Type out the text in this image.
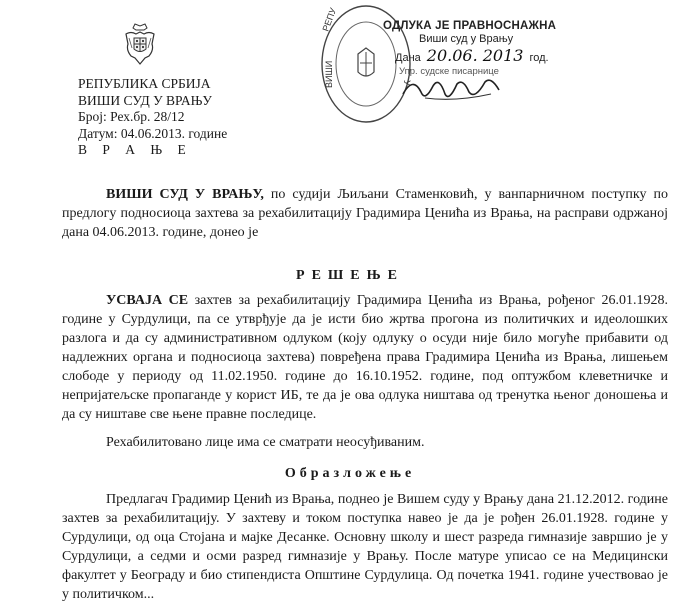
РЕПУБЛИКА СРБИЈА
ВИШИ СУД У ВРАЊУ
Број: Рех.бр. 28/12
Датум: 04.06.2013. године
В Р А Њ Е
РЕПУ
ВИШИ	У
ОДЛУКА ЈЕ ПРАВНОСНАЖНА
Виши суд у Врању
Дана 20.06. 2013 год.
Упр. судске писарнице
ВИШИ СУД У ВРАЊУ, по судији Љиљани Стаменковић, у ванпарничном поступку по предлогу подносиоца захтева за рехабилитацију Градимира Ценића из Врања, на расправи одржаној дана 04.06.2013. године, донео је
РЕШЕЊЕ
УСВАЈА СЕ захтев за рехабилитацију Градимира Ценића из Врања, рођеног 26.01.1928. године у Сурдулици, па се утврђује да је исти био жртва прогона из политичких и идеолошких разлога и да су административном одлуком (коју одлуку о осуди није било могуће прибавити од надлежних органа и подносиоца захтева) повређена права Градимира Ценића из Врања, лишењем слободе у периоду од 11.02.1950. године до 16.10.1952. године, под оптужбом клеветничке и непријатељске пропаганде у корист ИБ, те да је ова одлука ништава од тренутка њеног доношења и да су ништаве све њене правне последице.
Рехабилитовано лице има се сматрати неосуђиваним.
Образложење
Предлагач Градимир Ценић из Врања, поднео је Вишем суду у Врању дана 21.12.2012. године захтев за рехабилитацију. У захтеву и током поступка навео је да је рођен 26.01.1928. године у Сурдулици, од оца Стојана и мајке Десанке. Основну школу и шест разреда гимназије завршио је у Сурдулици, а седми и осми разред гимназије у Врању. После матуре уписао се на Медицински факултет у Београду и био стипендиста Општине Сурдулица. Од почетка 1941. године учествовао је у политичком...
